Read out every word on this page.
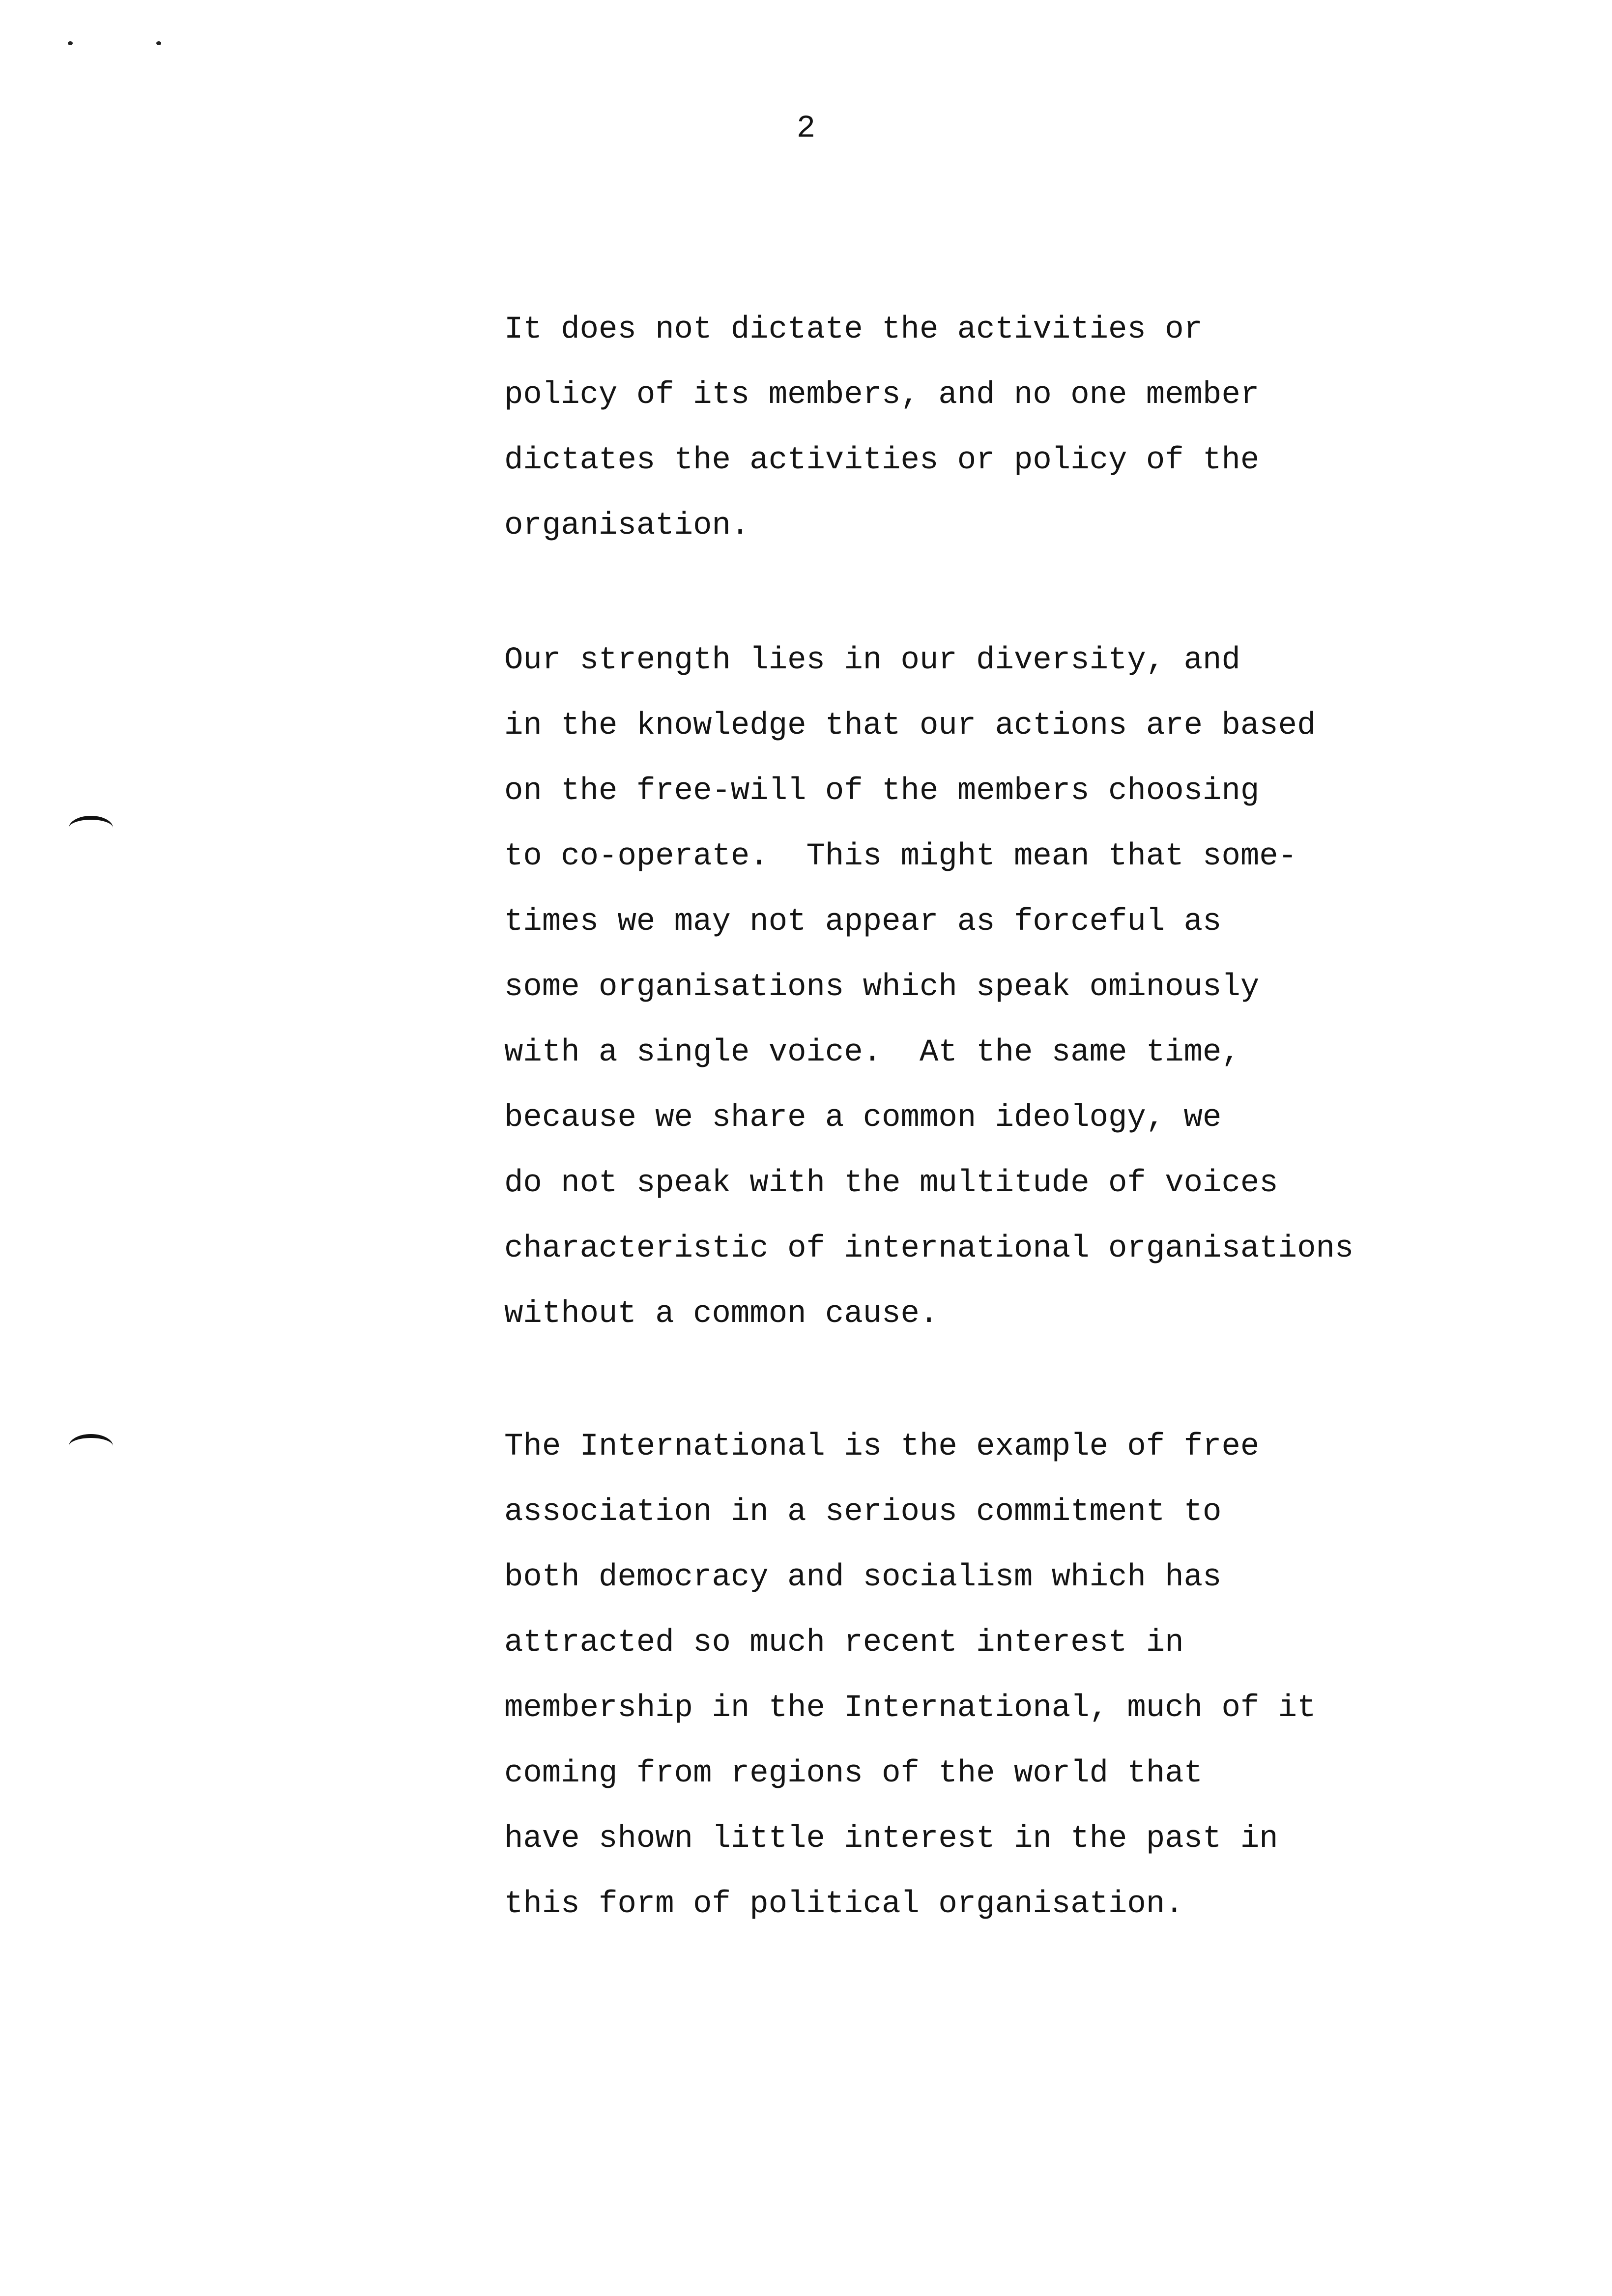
2
It does not dictate the activities or
policy of its members, and no one member
dictates the activities or policy of the
organisation.
Our strength lies in our diversity, and
in the knowledge that our actions are based
on the free-will of the members choosing
to co-operate.  This might mean that some-
times we may not appear as forceful as
some organisations which speak ominously
with a single voice.  At the same time,
because we share a common ideology, we
do not speak with the multitude of voices
characteristic of international organisations
without a common cause.
The International is the example of free
association in a serious commitment to
both democracy and socialism which has
attracted so much recent interest in
membership in the International, much of it
coming from regions of the world that
have shown little interest in the past in
this form of political organisation.
